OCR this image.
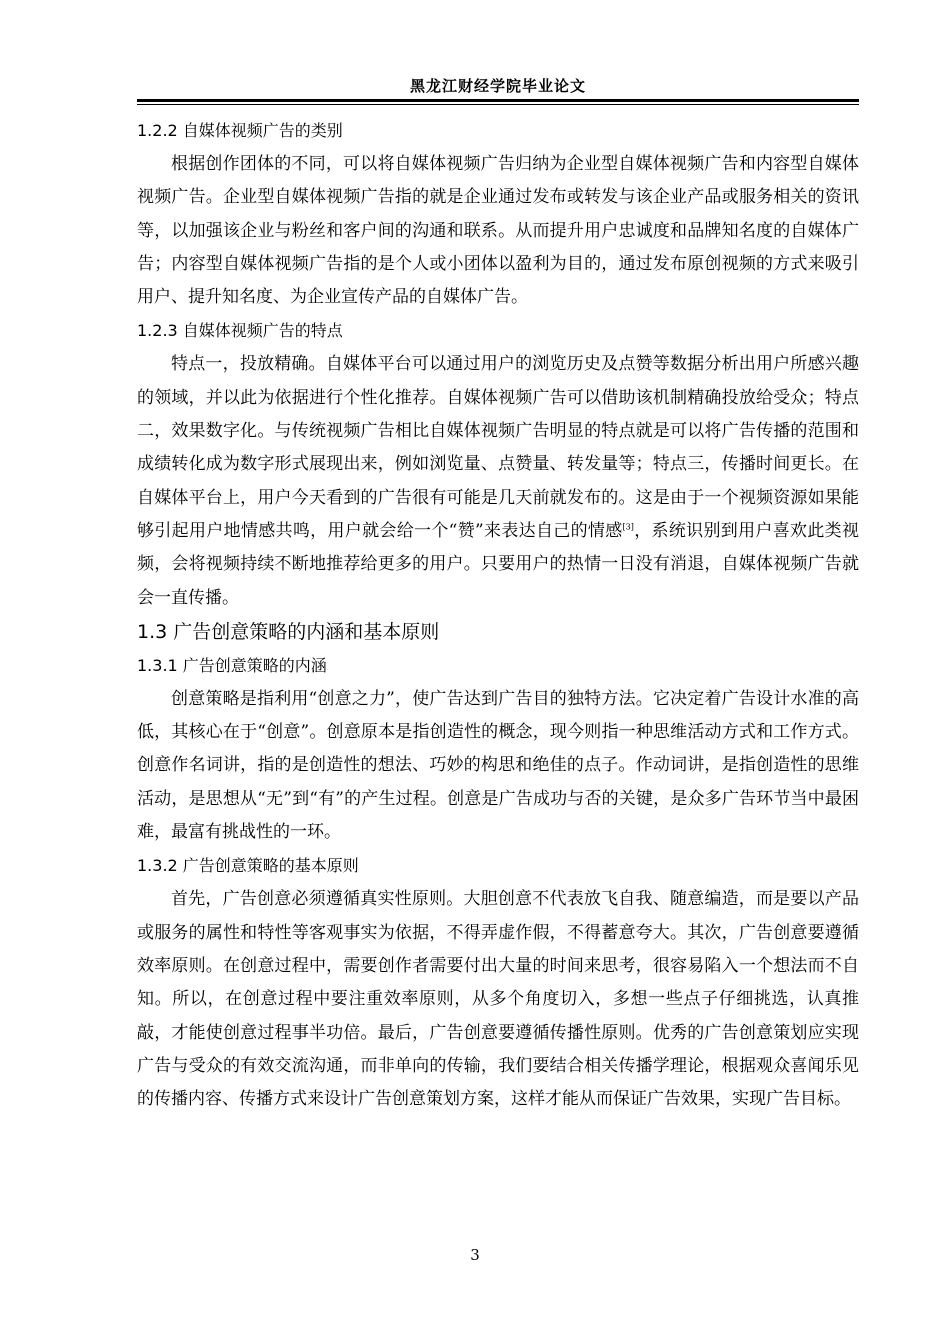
黑龙江财经学院毕业论文
1.2.2 自媒体视频广告的类别

根据创作团体的不同，可以将自媒体视频广告归纳为企业型自媒体视频广告和内容型自媒体视频广告。企业型自媒体视频广告指的就是企业通过发布或转发与该企业产品或服务相关的资讯等，以加强该企业与粉丝和客户间的沟通和联系。从而提升用户忠诚度和品牌知名度的自媒体广告；内容型自媒体视频广告指的是个人或小团体以盈利为目的，通过发布原创视频的方式来吸引用户、提升知名度、为企业宣传产品的自媒体广告。

1.2.3 自媒体视频广告的特点

特点一，投放精确。自媒体平台可以通过用户的浏览历史及点赞等数据分析出用户所感兴趣的领域，并以此为依据进行个性化推荐。自媒体视频广告可以借助该机制精确投放给受众；特点二，效果数字化。与传统视频广告相比自媒体视频广告明显的特点就是可以将广告传播的范围和成绩转化成为数字形式展现出来，例如浏览量、点赞量、转发量等；特点三，传播时间更长。在自媒体平台上，用户今天看到的广告很有可能是几天前就发布的。这是由于一个视频资源如果能够引起用户地情感共鸣，用户就会给一个“赞”来表达自己的情感[3]，系统识别到用户喜欢此类视频，会将视频持续不断地推荐给更多的用户。只要用户的热情一日没有消退，自媒体视频广告就会一直传播。

1.3 广告创意策略的内涵和基本原则
1.3.1 广告创意策略的内涵

创意策略是指利用“创意之力”，使广告达到广告目的独特方法。它决定着广告设计水准的高低，其核心在于“创意”。创意原本是指创造性的概念，现今则指一种思维活动方式和工作方式。创意作名词讲，指的是创造性的想法、巧妙的构思和绝佳的点子。作动词讲，是指创造性的思维活动，是思想从“无”到“有”的产生过程。创意是广告成功与否的关键，是众多广告环节当中最困难，最富有挑战性的一环。

1.3.2 广告创意策略的基本原则

首先，广告创意必须遵循真实性原则。大胆创意不代表放飞自我、随意编造，而是要以产品或服务的属性和特性等客观事实为依据，不得弄虚作假，不得蓄意夸大。其次，广告创意要遵循效率原则。在创意过程中，需要创作者需要付出大量的时间来思考，很容易陷入一个想法而不自知。所以，在创意过程中要注重效率原则，从多个角度切入，多想一些点子仔细挑选，认真推敲，才能使创意过程事半功倍。最后，广告创意要遵循传播性原则。优秀的广告创意策划应实现广告与受众的有效交流沟通，而非单向的传输，我们要结合相关传播学理论，根据观众喜闻乐见的传播内容、传播方式来设计广告创意策划方案，这样才能从而保证广告效果，实现广告目标。

3
